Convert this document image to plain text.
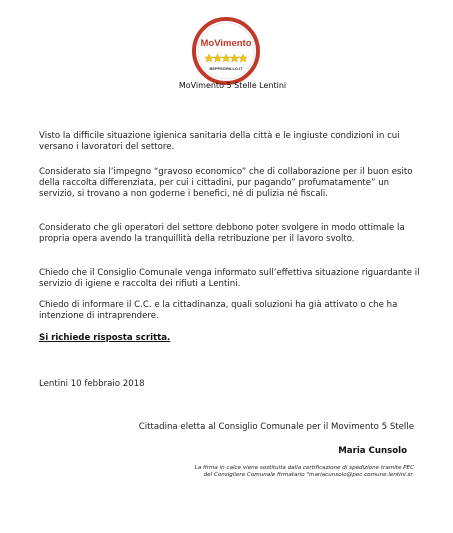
MoVimento
BEPPEGRILLO.IT
MoVimento 5 Stelle Lentini

Visto la difficile situazione igienica sanitaria della città e le ingiuste condizioni in cui versano i lavoratori del settore.

Considerato sia l’impegno “gravoso economico” che di collaborazione per il buon esito della raccolta differenziata, per cui i cittadini, pur pagando” profumatamente” un servizio, si trovano a non goderne i benefici, né di pulizia né fiscali.

Considerato che gli operatori del settore debbono poter svolgere in modo ottimale la propria opera avendo la tranquillità della retribuzione per il lavoro svolto.

Chiedo che il Consiglio Comunale venga informato sull’effettiva situazione riguardante il servizio di igiene e raccolta dei rifiuti a Lentini.

Chiedo di informare il C.C. e la cittadinanza, quali soluzioni ha già attivato o che ha intenzione di intraprendere.

Si richiede risposta scritta.
Lentini 10 febbraio 2018
Cittadina eletta al Consiglio Comunale per il Movimento 5 Stelle
Maria Cunsolo
La firma in calce viene sostituita dalla certificazione di spedizione tramite PEC
del Consigliere Comunale firmatario "mariacunsolo@pec.comune.lentini.sr.
